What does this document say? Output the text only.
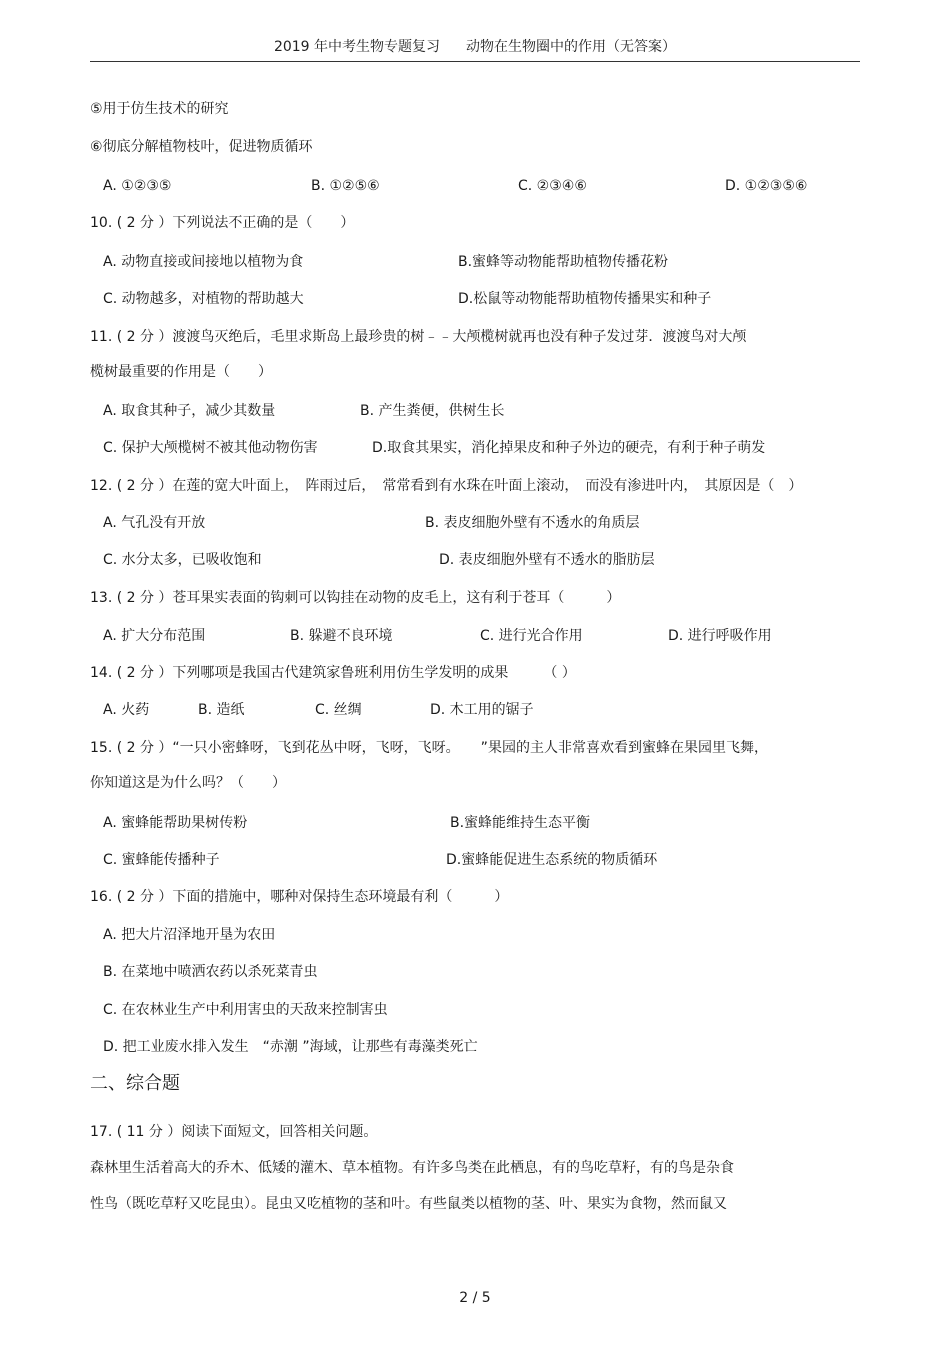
2019 年中考生物专题复习 动物在生物圈中的作用（无答案）
⑤用于仿生技术的研究
⑥彻底分解植物枝叶，促进物质循环
A. ①②③⑤	B. ①②⑤⑥	C. ②③④⑥	D. ①②③⑤⑥
10. ( 2 分 ）下列说法不正确的是（　　）
A. 动物直接或间接地以植物为食	B.蜜蜂等动物能帮助植物传播花粉
C. 动物越多，对植物的帮助越大	D.松鼠等动物能帮助植物传播果实和种子
11. ( 2 分 ）渡渡鸟灭绝后，毛里求斯岛上最珍贵的树﹣﹣大颅榄树就再也没有种子发过芽．渡渡鸟对大颅
榄树最重要的作用是（　　）
A. 取食其种子，减少其数量	B. 产生粪便，供树生长
C. 保护大颅榄树不被其他动物伤害	D.取食其果实，消化掉果皮和种子外边的硬壳，有利于种子萌发
12. ( 2 分 ）在莲的宽大叶面上，　阵雨过后，　常常看到有水珠在叶面上滚动，　而没有渗进叶内，　其原因是（　）
A. 气孔没有开放	B. 表皮细胞外壁有不透水的角质层
C. 水分太多，已吸收饱和	D. 表皮细胞外壁有不透水的脂肪层
13. ( 2 分 ）苍耳果实表面的钩刺可以钩挂在动物的皮毛上，这有利于苍耳（　　　）
A. 扩大分布范围	B. 躲避不良环境	C. 进行光合作用	D. 进行呼吸作用
14. ( 2 分 ）下列哪项是我国古代建筑家鲁班利用仿生学发明的成果　　　（ ）
A. 火药	B. 造纸	C. 丝绸	D. 木工用的锯子
15. ( 2 分 ）“一只小密蜂呀，飞到花丛中呀，飞呀，飞呀。　　”果园的主人非常喜欢看到蜜蜂在果园里飞舞，
你知道这是为什么吗？（　　）
A. 蜜蜂能帮助果树传粉	B.蜜蜂能维持生态平衡
C. 蜜蜂能传播种子	D.蜜蜂能促进生态系统的物质循环
16. ( 2 分 ）下面的措施中，哪种对保持生态环境最有利（　　　）
A. 把大片沼泽地开垦为农田
B. 在菜地中喷洒农药以杀死菜青虫
C. 在农林业生产中利用害虫的天敌来控制害虫
D. 把工业废水排入发生　“赤潮 ”海域，让那些有毒藻类死亡
二、综合题
17. ( 11 分 ）阅读下面短文，回答相关问题。
森林里生活着高大的乔木、低矮的灌木、草本植物。有许多鸟类在此栖息，有的鸟吃草籽，有的鸟是杂食
性鸟（既吃草籽又吃昆虫）。昆虫又吃植物的茎和叶。有些鼠类以植物的茎、叶、果实为食物，然而鼠又
2 / 5
